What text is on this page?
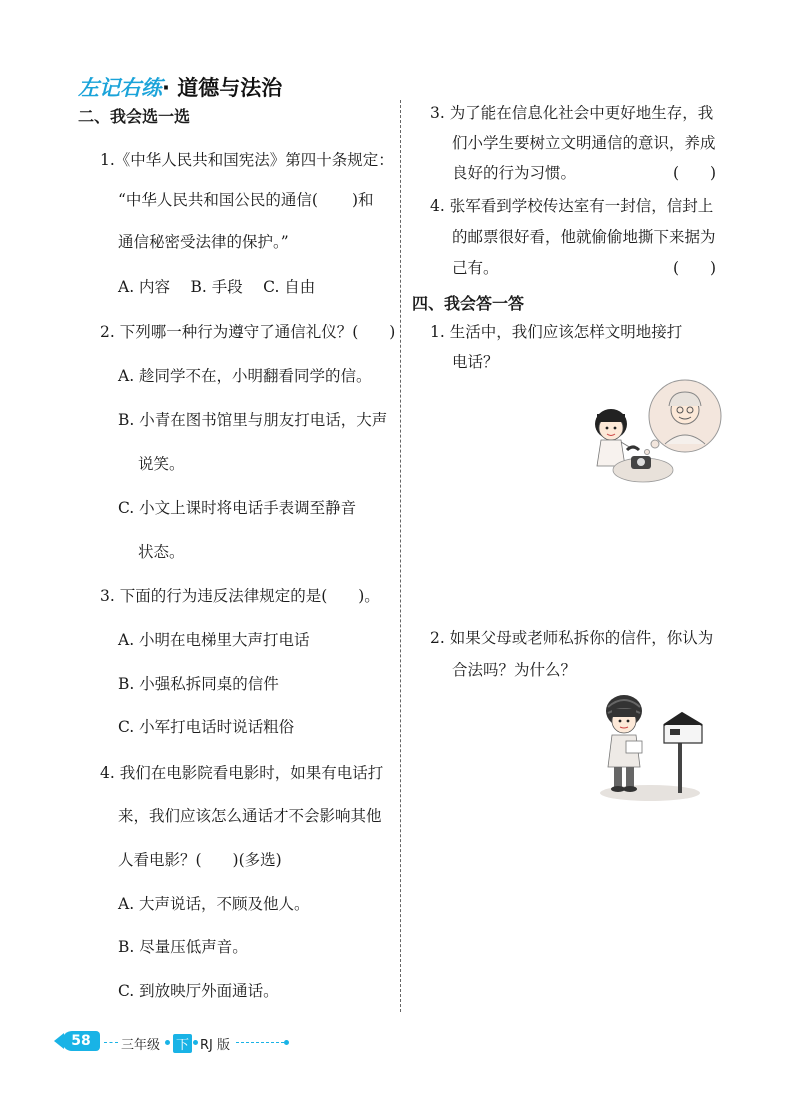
左记右练· 道德与法治
二、我会选一选
1.《中华人民共和国宪法》第四十条规定：
“中华人民共和国公民的通信( )和
通信秘密受法律的保护。”
A. 内容　 B. 手段　 C. 自由
2. 下列哪一种行为遵守了通信礼仪？(　　)
A. 趁同学不在，小明翻看同学的信。
B. 小青在图书馆里与朋友打电话，大声
说笑。
C. 小文上课时将电话手表调至静音
状态。
3. 下面的行为违反法律规定的是(　　)。
A. 小明在电梯里大声打电话
B. 小强私拆同桌的信件
C. 小军打电话时说话粗俗
4. 我们在电影院看电影时，如果有电话打
来，我们应该怎么通话才不会影响其他
人看电影？(　　)(多选)
A. 大声说话，不顾及他人。
B. 尽量压低声音。
C. 到放映厅外面通话。
3. 为了能在信息化社会中更好地生存，我
们小学生要树立文明通信的意识，养成
良好的行为习惯。	(　　)
4. 张军看到学校传达室有一封信，信封上
的邮票很好看，他就偷偷地撕下来据为
己有。	(　　)
四、我会答一答
1. 生活中，我们应该怎样文明地接打
电话？
2. 如果父母或老师私拆你的信件，你认为
合法吗？为什么？
58	三年级 下 RJ 版
